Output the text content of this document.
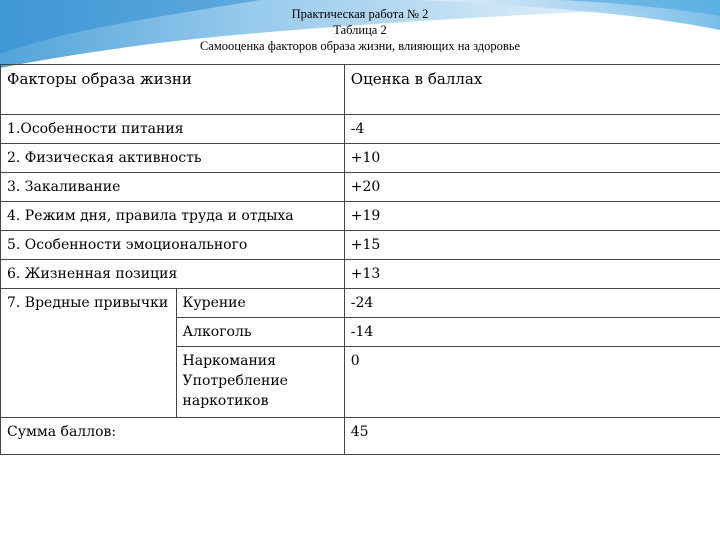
Практическая работа № 2
Таблица 2
Самооценка факторов образа жизни, влияющих на здоровье
Факторы образа жизни		Оценка в баллах
1.Особенности питания		-4
2. Физическая активность		+10
3. Закаливание		+20
4. Режим дня, правила труда и отдыха		+19
5. Особенности эмоционального		+15
6. Жизненная позиция		+13
7. Вредные привычки	Курение	-24
	Алкоголь	-14
	Наркомания Употребление наркотиков	0
Сумма баллов:		45
